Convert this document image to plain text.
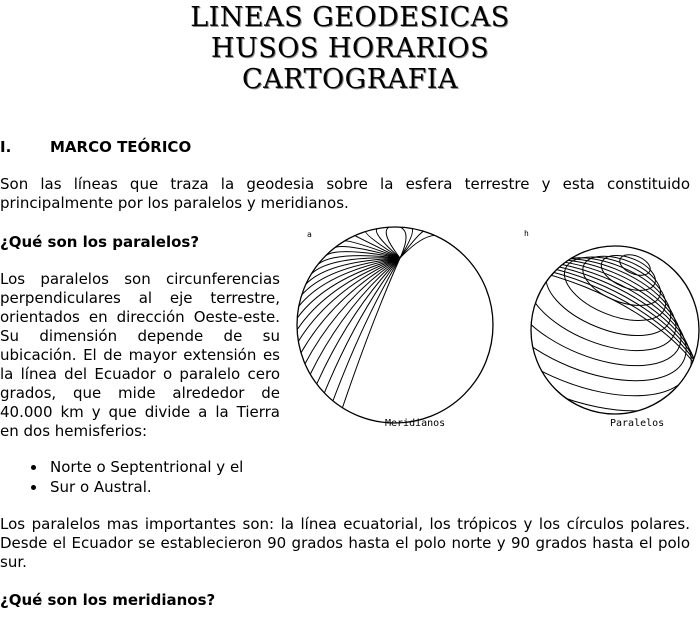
LINEAS GEODESICAS
HUSOS HORARIOS
CARTOGRAFIA
I.	MARCO TEÓRICO
Son las líneas que traza la geodesia sobre la esfera terrestre y esta constituido principalmente por los paralelos y meridianos.
¿Qué son los paralelos?
Los paralelos son circunferencias perpendiculares al eje terrestre, orientados en dirección Oeste-este. Su dimensión depende de su ubicación. El de mayor extensión es la línea del Ecuador o paralelo cero grados, que mide alrededor de 40.000 km y que divide a la Tierra en dos hemisferios:
Norte o Septentrional y el
Sur o Austral.
Los paralelos mas importantes son: la línea ecuatorial, los trópicos y los círculos polares. Desde el Ecuador se establecieron 90 grados hasta el polo norte y 90 grados hasta el polo sur.
¿Qué son los meridianos?
a	h
Meridianos	Paralelos
